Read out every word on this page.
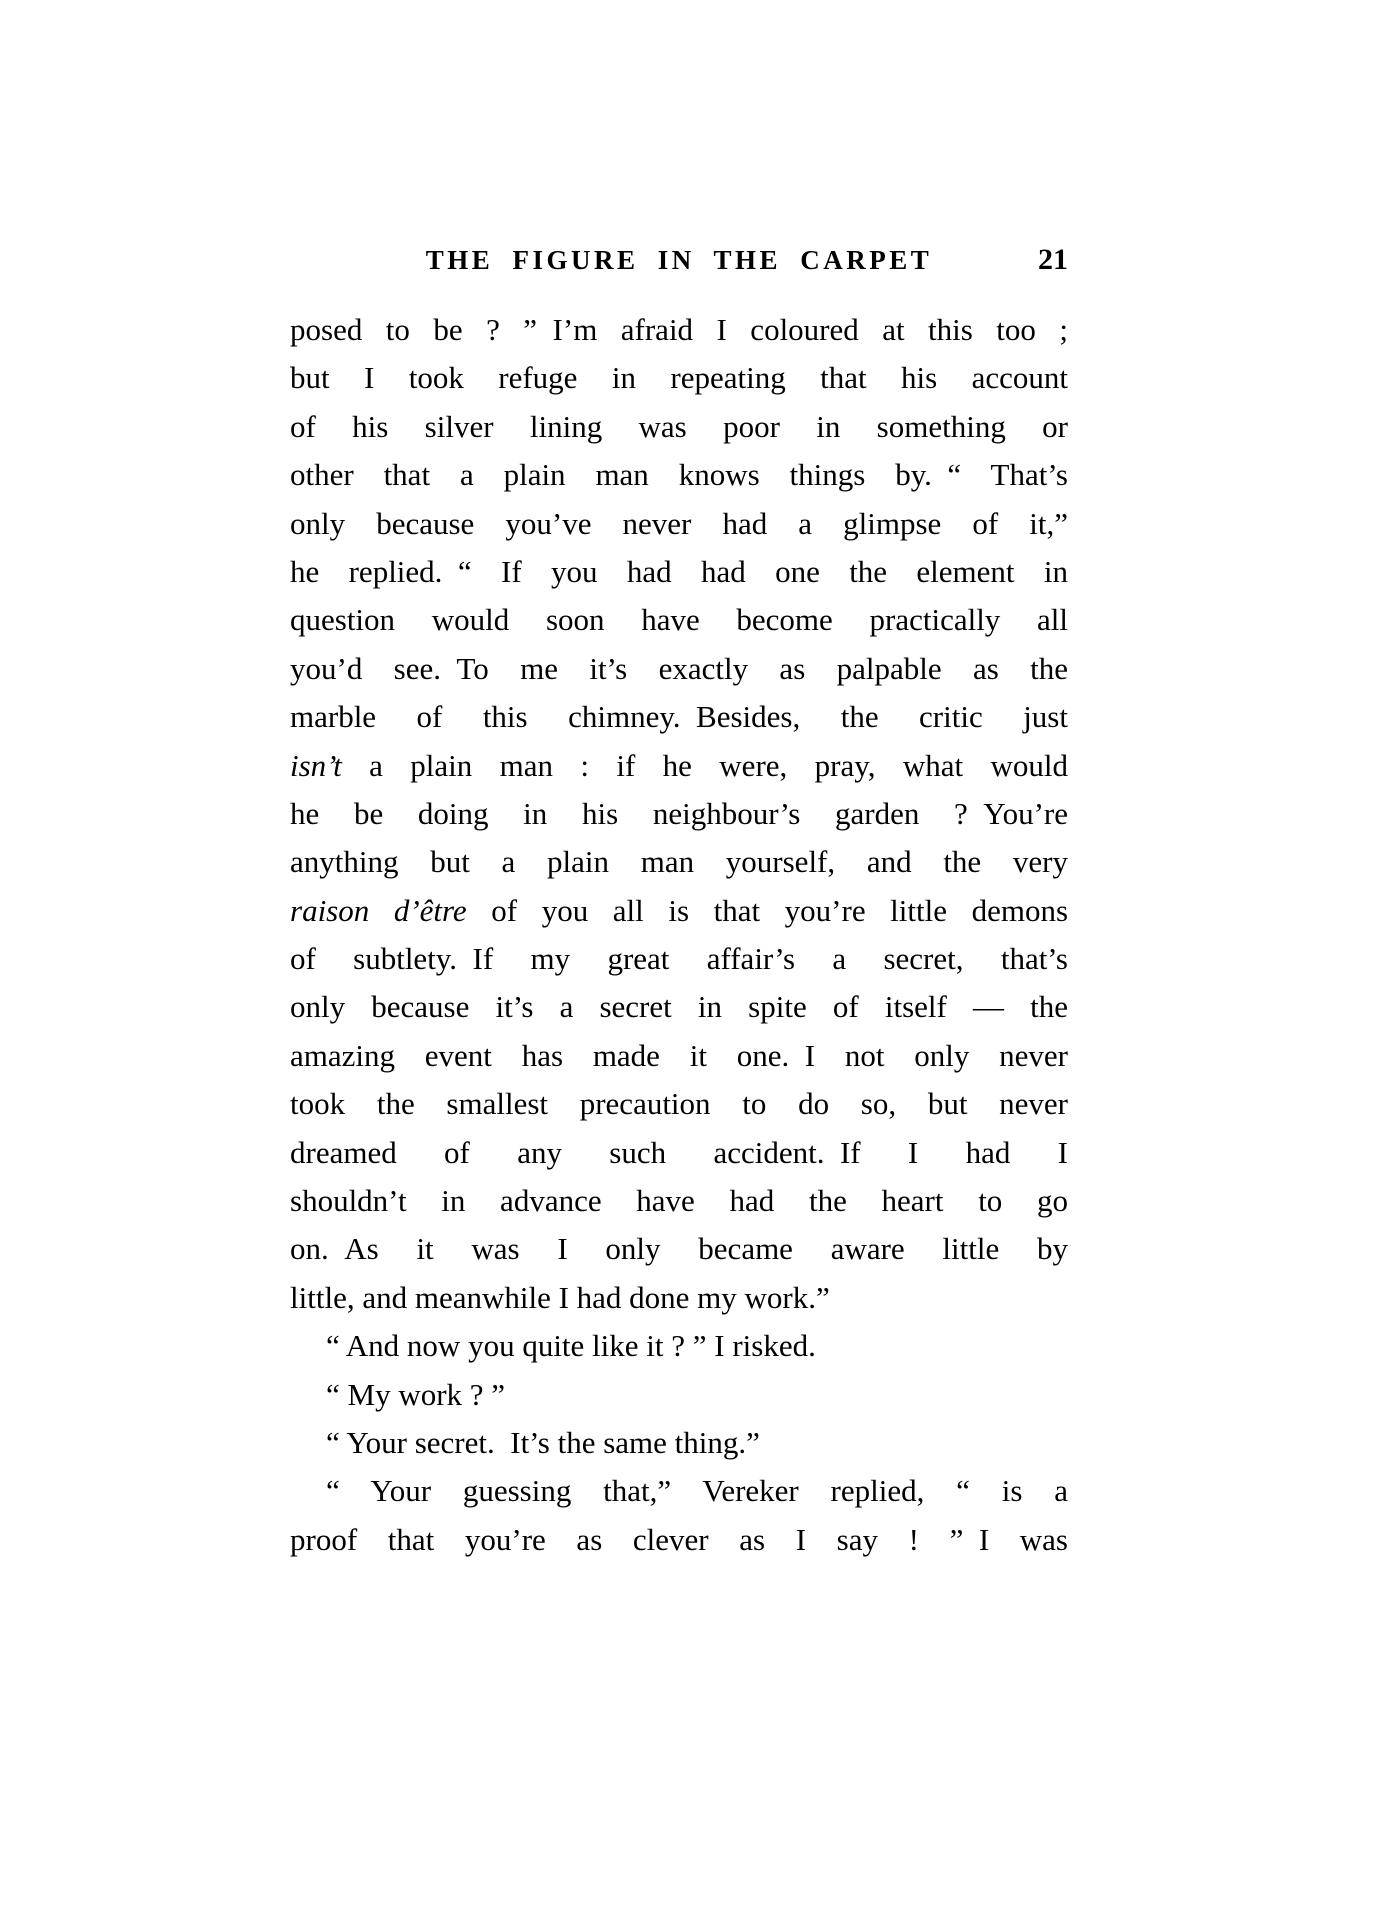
THE FIGURE IN THE CARPET	21
posed to be ? ” I’m afraid I coloured at this too ;
but I took refuge in repeating that his account
of his silver lining was poor in something or
other that a plain man knows things by. “ That’s
only because you’ve never had a glimpse of it,”
he replied. “ If you had had one the element in
question would soon have become practically all
you’d see. To me it’s exactly as palpable as the
marble of this chimney. Besides, the critic just
isn’t a plain man : if he were, pray, what would
he be doing in his neighbour’s garden ? You’re
anything but a plain man yourself, and the very
raison d’être of you all is that you’re little demons
of subtlety. If my great affair’s a secret, that’s
only because it’s a secret in spite of itself — the
amazing event has made it one. I not only never
took the smallest precaution to do so, but never
dreamed of any such accident. If I had I
shouldn’t in advance have had the heart to go
on. As it was I only became aware little by
little, and meanwhile I had done my work.”
“ And now you quite like it ? ” I risked.
“ My work ? ”
“ Your secret. It’s the same thing.”
“ Your guessing that,” Vereker replied, “ is a
proof that you’re as clever as I say ! ” I was
